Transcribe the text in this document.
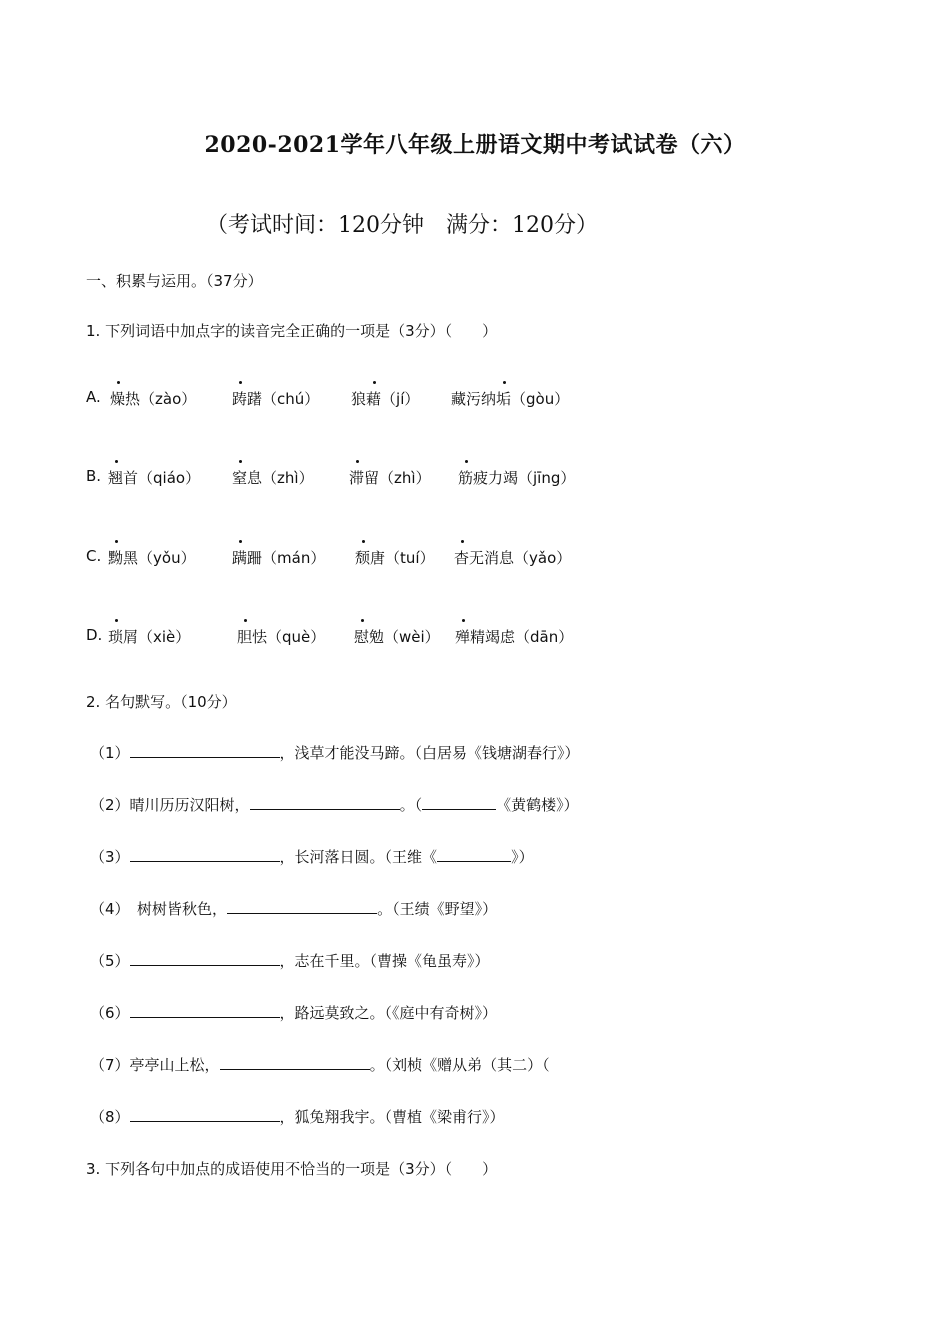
2020-2021学年八年级上册语文期中考试试卷（六）
（考试时间：120分钟　满分：120分）
一、积累与运用。（37分）
1. 下列词语中加点字的读音完全正确的一项是（3分）（　　）
A. 燥热（zào） 踌躇（chú） 狼藉（jí） 藏污纳垢（gòu）
B. 翘首（qiáo） 窒息（zhì） 滞留（zhì） 筋疲力竭（jīng）
C. 黝黑（yǒu） 蹒跚（mán） 颓唐（tuí） 杳无消息（yǎo）
D. 琐屑（xiè）	胆怯（què） 慰勉（wèi） 殚精竭虑（dān）
2. 名句默写。（10分）
（1）	，浅草才能没马蹄。（白居易《钱塘湖春行》）
（2）晴川历历汉阳树，	。（	《黄鹤楼》）
（3）	，长河落日圆。（王维《	》）
（4） 树树皆秋色，	。（王绩《野望》）
（5）	，志在千里。（曹操《龟虽寿》）
（6）	，路远莫致之。（《庭中有奇树》）
（7）亭亭山上松，	。（刘桢《赠从弟（其二）（
（8）	，狐兔翔我宇。（曹植《梁甫行》）
3. 下列各句中加点的成语使用不恰当的一项是（3分）（　　）
